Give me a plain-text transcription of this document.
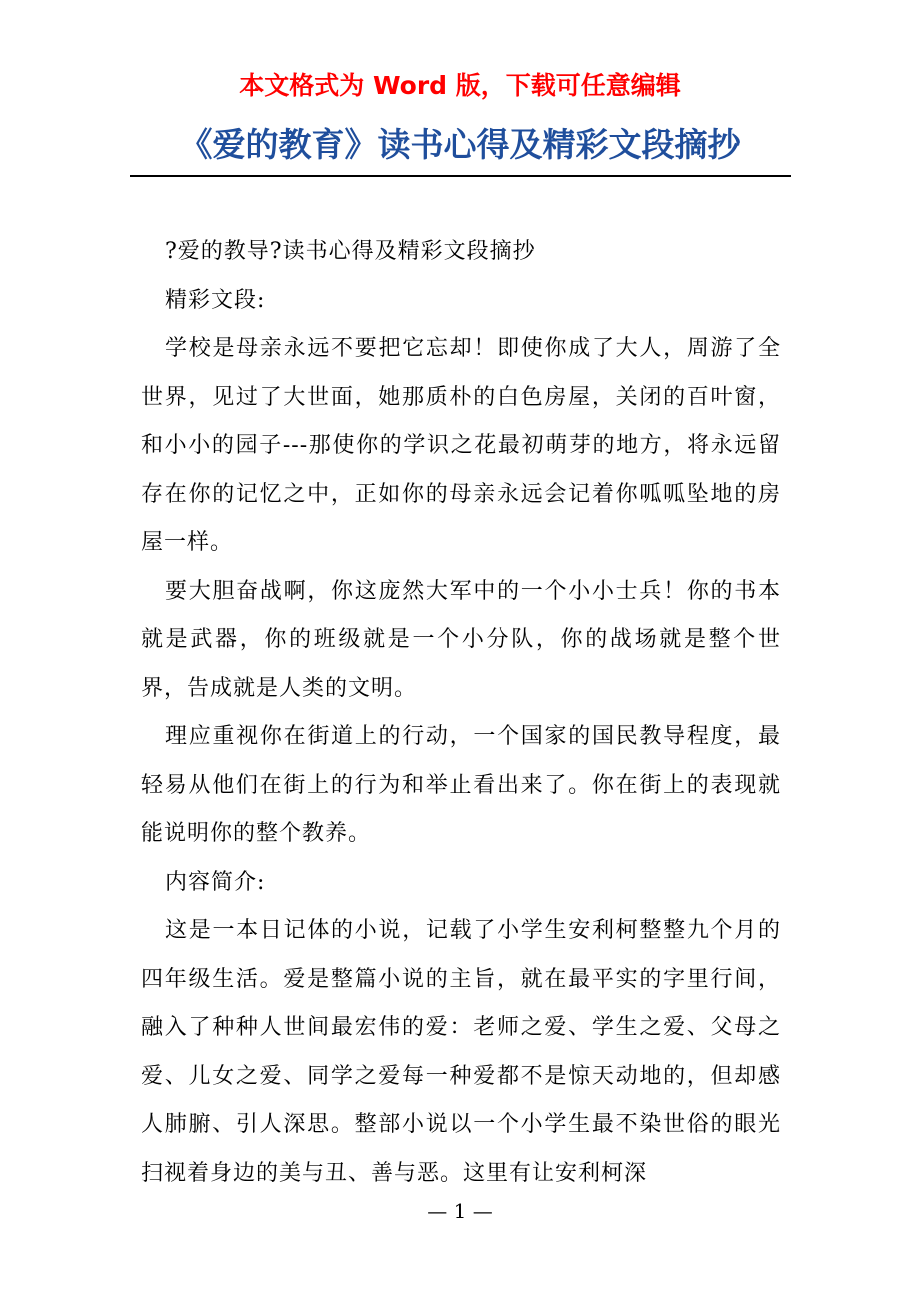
本文格式为 Word 版，下载可任意编辑
《爱的教育》读书心得及精彩文段摘抄

?爱的教导?读书心得及精彩文段摘抄

精彩文段:

学校是母亲永远不要把它忘却！即使你成了大人，周游了全世界，见过了大世面，她那质朴的白色房屋，关闭的百叶窗，和小小的园子---那使你的学识之花最初萌芽的地方，将永远留存在你的记忆之中，正如你的母亲永远会记着你呱呱坠地的房屋一样。

要大胆奋战啊，你这庞然大军中的一个小小士兵！你的书本就是武器，你的班级就是一个小分队，你的战场就是整个世界，告成就是人类的文明。

理应重视你在街道上的行动，一个国家的国民教导程度，最轻易从他们在街上的行为和举止看出来了。你在街上的表现就能说明你的整个教养。

内容简介:

这是一本日记体的小说，记载了小学生安利柯整整九个月的四年级生活。爱是整篇小说的主旨，就在最平实的字里行间，融入了种种人世间最宏伟的爱：老师之爱、学生之爱、父母之爱、儿女之爱、同学之爱每一种爱都不是惊天动地的，但却感人肺腑、引人深思。整部小说以一个小学生最不染世俗的眼光扫视着身边的美与丑、善与恶。这里有让安利柯深

— 1 —
